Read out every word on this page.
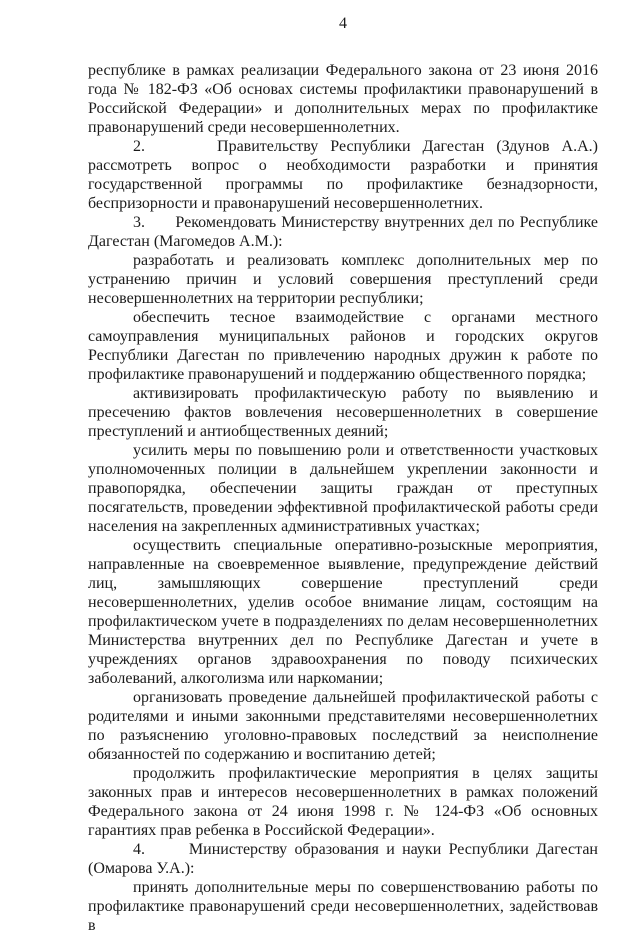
4

республике в рамках реализации Федерального закона от 23 июня 2016 года № 182-ФЗ «Об основах системы профилактики правонарушений в Российской Федерации» и дополнительных мерах по профилактике правонарушений среди несовершеннолетних.

2.      Правительству Республики Дагестан (Здунов А.А.) рассмотреть вопрос о необходимости разработки и принятия государственной программы по профилактике безнадзорности, беспризорности и правонарушений несовершеннолетних.

3.      Рекомендовать Министерству внутренних дел по Республике Дагестан (Магомедов А.М.):

разработать и реализовать комплекс дополнительных мер по устранению причин и условий совершения преступлений среди несовершеннолетних на территории республики;

обеспечить тесное взаимодействие с органами местного самоуправления муниципальных районов и городских округов Республики Дагестан по привлечению народных дружин к работе по профилактике правонарушений и поддержанию общественного порядка;

активизировать профилактическую работу по выявлению и пресечению фактов вовлечения несовершеннолетних в совершение преступлений и антиобщественных деяний;

усилить меры по повышению роли и ответственности участковых уполномоченных полиции в дальнейшем укреплении законности и правопорядка, обеспечении защиты граждан от преступных посягательств, проведении эффективной профилактической работы среди населения на закрепленных административных участках;

осуществить специальные оперативно-розыскные мероприятия, направленные на своевременное выявление, предупреждение действий лиц, замышляющих совершение преступлений среди несовершеннолетних, уделив особое внимание лицам, состоящим на профилактическом учете в подразделениях по делам несовершеннолетних Министерства внутренних дел по Республике Дагестан и учете в учреждениях органов здравоохранения по поводу психических заболеваний, алкоголизма или наркомании;

организовать проведение дальнейшей профилактической работы с родителями и иными законными представителями несовершеннолетних по разъяснению уголовно-правовых последствий за неисполнение обязанностей по содержанию и воспитанию детей;

продолжить профилактические мероприятия в целях защиты законных прав и интересов несовершеннолетних в рамках положений Федерального закона от 24 июня 1998 г. № 124-ФЗ «Об основных гарантиях прав ребенка в Российской Федерации».

4.      Министерству образования и науки Республики Дагестан (Омарова У.А.):

принять дополнительные меры по совершенствованию работы по профилактике правонарушений среди несовершеннолетних, задействовав в
